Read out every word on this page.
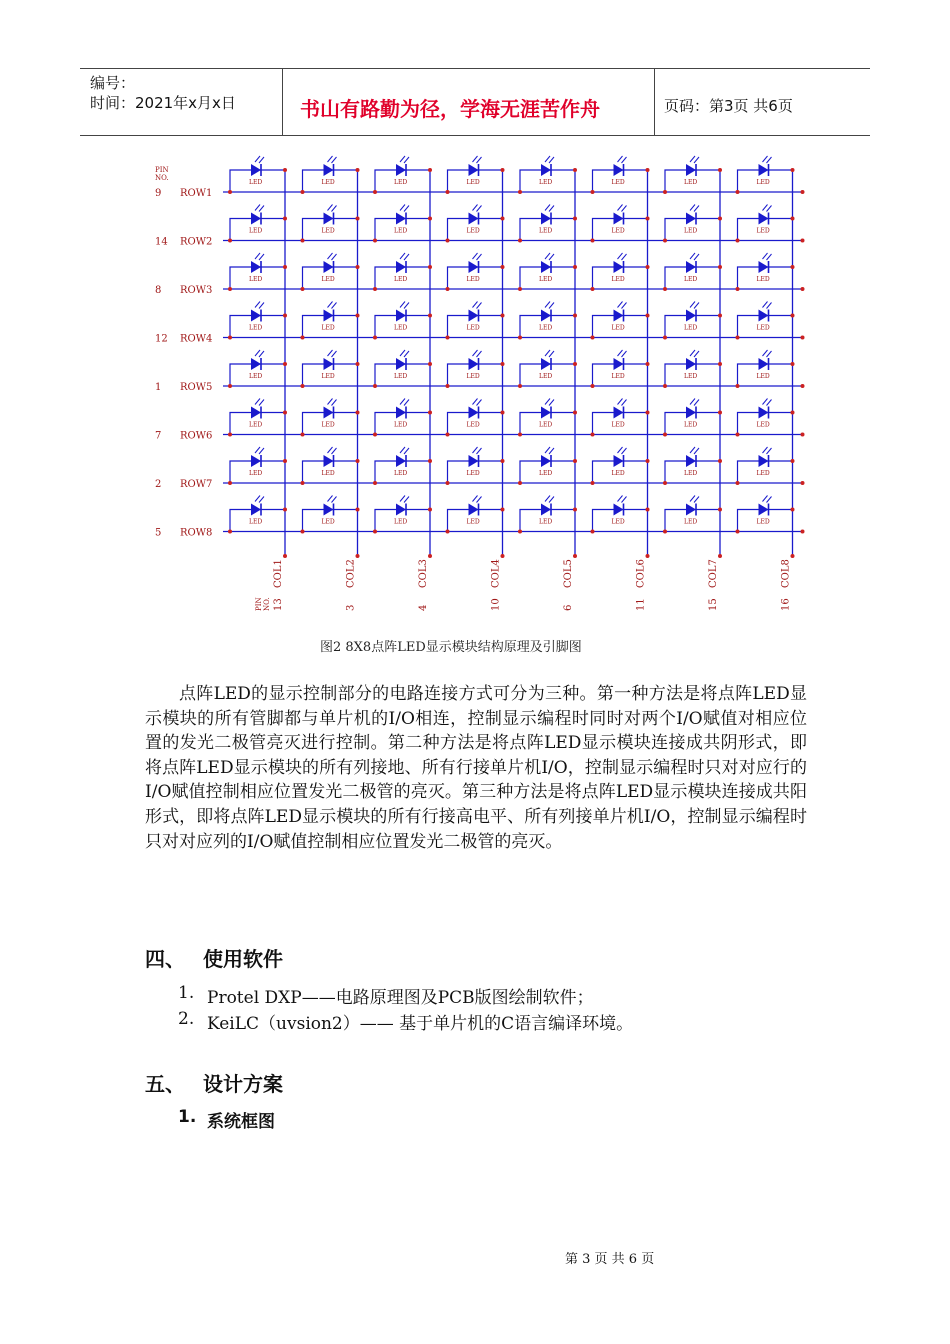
编号：
时间：2021年x月x日	书山有路勤为径，学海无涯苦作舟	页码：第3页 共6页
PIN
NO.
9 ROW1
LED	LED	LED	LED	LED	LED	LED	LED
14 ROW2
LED	LED	LED	LED	LED	LED	LED	LED
8 ROW3
LED	LED	LED	LED	LED	LED	LED	LED
12 ROW4
LED	LED	LED	LED	LED	LED	LED	LED
1 ROW5
LED	LED	LED	LED	LED	LED	LED	LED
7 ROW6
LED	LED	LED	LED	LED	LED	LED	LED
2 ROW7
LED	LED	LED	LED	LED	LED	LED	LED
5 ROW8
LED	LED	LED	LED	LED	LED	LED	LED
COL1
13
COL2
3
COL3
4
COL4
10
COL5
6
COL6
11
COL7
15
COL8
16
PIN NO.
图2 8X8点阵LED显示模块结构原理及引脚图
点阵LED的显示控制部分的电路连接方式可分为三种。第一种方法是将点阵LED显示模块的所有管脚都与单片机的I/O相连，控制显示编程时同时对两个I/O赋值对相应位置的发光二极管亮灭进行控制。第二种方法是将点阵LED显示模块连接成共阴形式，即将点阵LED显示模块的所有列接地、所有行接单片机I/O，控制显示编程时只对对应行的I/O赋值控制相应位置发光二极管的亮灭。第三种方法是将点阵LED显示模块连接成共阳形式，即将点阵LED显示模块的所有行接高电平、所有列接单片机I/O，控制显示编程时只对对应列的I/O赋值控制相应位置发光二极管的亮灭。
四、 使用软件
1. Protel DXP——电路原理图及PCB版图绘制软件；
2. KeiLC（uvsion2）—— 基于单片机的C语言编译环境。
五、 设计方案
1. 系统框图
第 3 页 共 6 页
